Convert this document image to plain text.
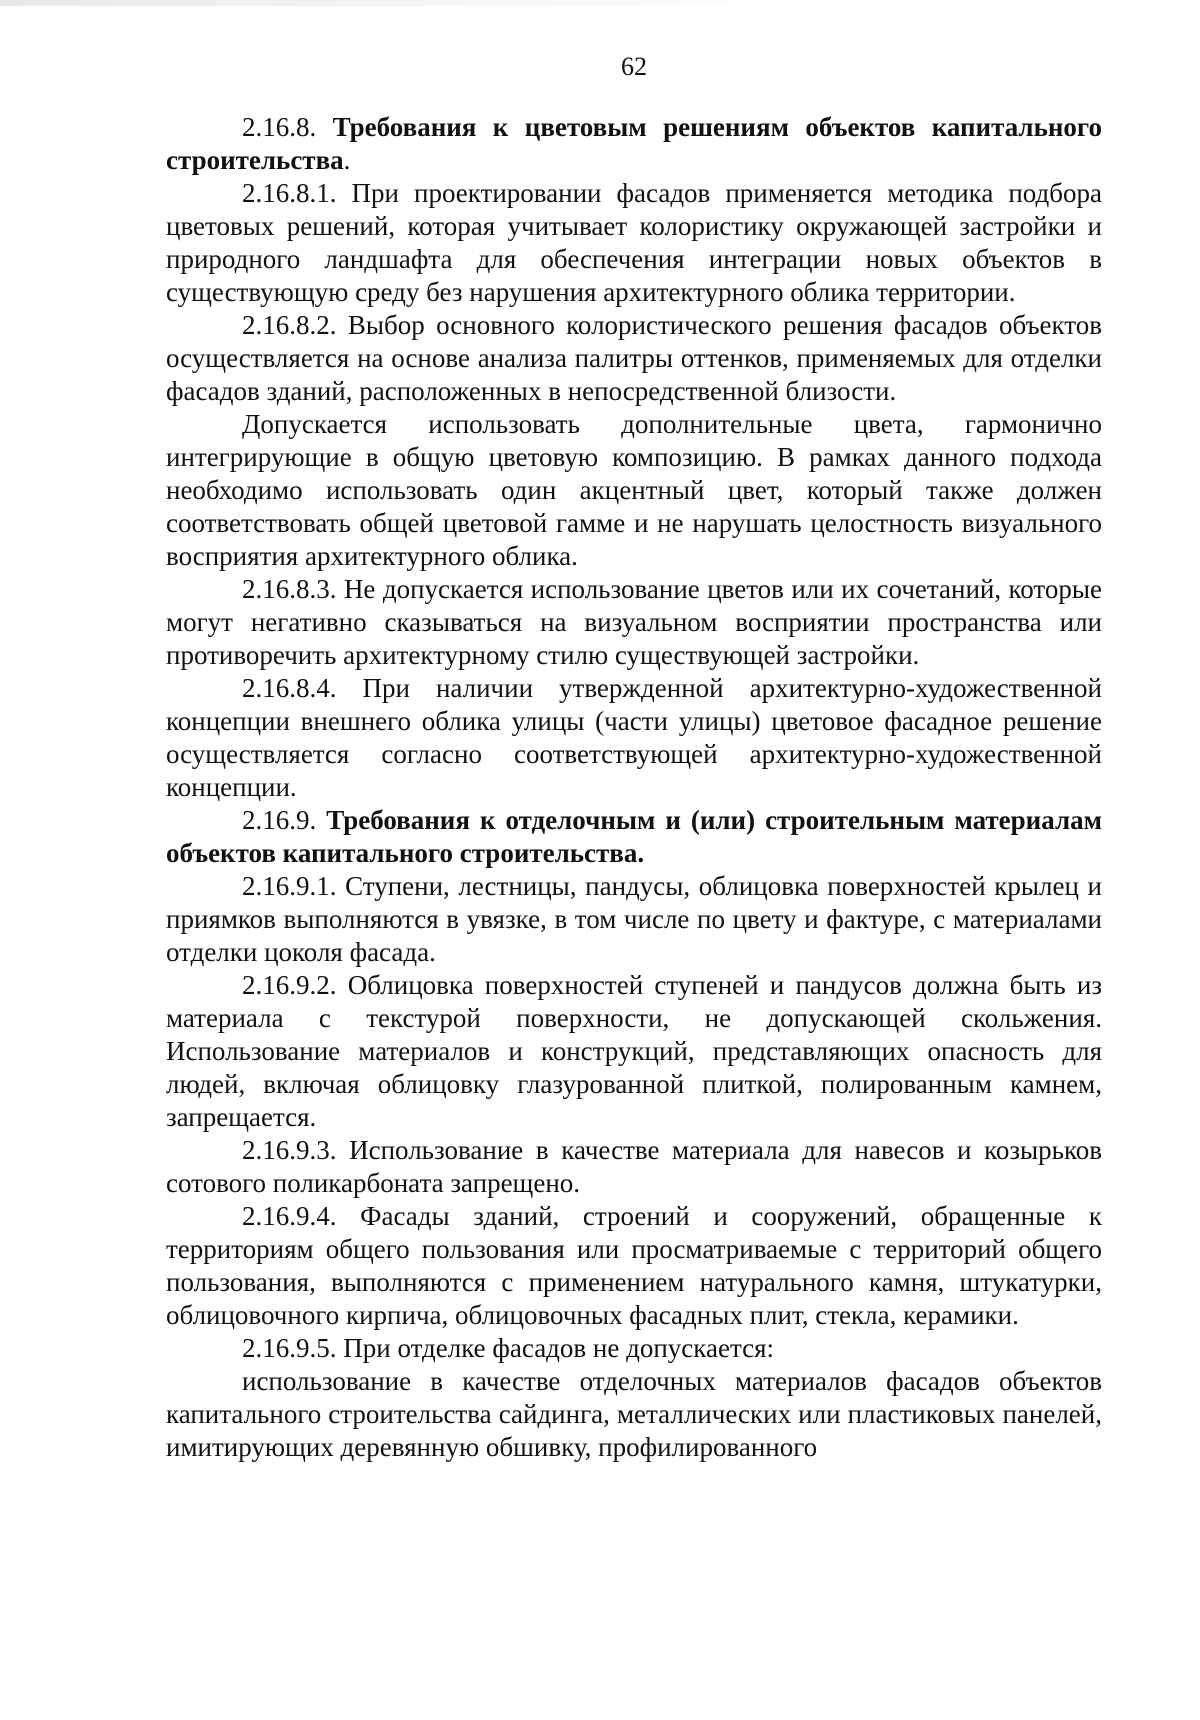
62

2.16.8. Требования к цветовым решениям объектов капитального строительства.

2.16.8.1. При проектировании фасадов применяется методика подбора цветовых решений, которая учитывает колористику окружающей застройки и природного ландшафта для обеспечения интеграции новых объектов в существующую среду без нарушения архитектурного облика территории.

2.16.8.2. Выбор основного колористического решения фасадов объектов осуществляется на основе анализа палитры оттенков, применяемых для отделки фасадов зданий, расположенных в непосредственной близости.

Допускается использовать дополнительные цвета, гармонично интегрирующие в общую цветовую композицию. В рамках данного подхода необходимо использовать один акцентный цвет, который также должен соответствовать общей цветовой гамме и не нарушать целостность визуального восприятия архитектурного облика.

2.16.8.3. Не допускается использование цветов или их сочетаний, которые могут негативно сказываться на визуальном восприятии пространства или противоречить архитектурному стилю существующей застройки.

2.16.8.4. При наличии утвержденной архитектурно-художественной концепции внешнего облика улицы (части улицы) цветовое фасадное решение осуществляется согласно соответствующей архитектурно-художественной концепции.

2.16.9. Требования к отделочным и (или) строительным материалам объектов капитального строительства.

2.16.9.1. Ступени, лестницы, пандусы, облицовка поверхностей крылец и приямков выполняются в увязке, в том числе по цвету и фактуре, с материалами отделки цоколя фасада.

2.16.9.2. Облицовка поверхностей ступеней и пандусов должна быть из материала с текстурой поверхности, не допускающей скольжения. Использование материалов и конструкций, представляющих опасность для людей, включая облицовку глазурованной плиткой, полированным камнем, запрещается.

2.16.9.3. Использование в качестве материала для навесов и козырьков сотового поликарбоната запрещено.

2.16.9.4. Фасады зданий, строений и сооружений, обращенные к территориям общего пользования или просматриваемые с территорий общего пользования, выполняются с применением натурального камня, штукатурки, облицовочного кирпича, облицовочных фасадных плит, стекла, керамики.

2.16.9.5. При отделке фасадов не допускается:

использование в качестве отделочных материалов фасадов объектов капитального строительства сайдинга, металлических или пластиковых панелей, имитирующих деревянную обшивку, профилированного
